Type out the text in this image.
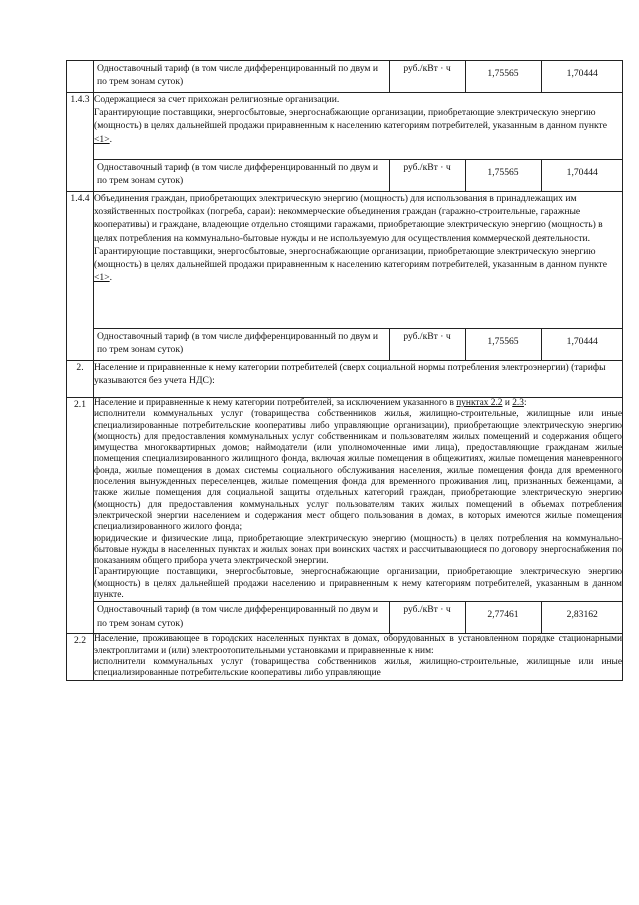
Одноставочный тариф (в том числе дифференцированный по двум и по трем зонам суток)	руб./кВт · ч	1,75565	1,70444

1.4.3	Содержащиеся за счет прихожан религиозные организации.
Гарантирующие поставщики, энергосбытовые, энергоснабжающие организации, приобретающие электрическую энергию (мощность) в целях дальнейшей продажи приравненным к населению категориям потребителей, указанным в данном пункте <1>.

Одноставочный тариф (в том числе дифференцированный по двум и по трем зонам суток)	руб./кВт · ч	1,75565	1,70444

1.4.4	Объединения граждан, приобретающих электрическую энергию (мощность) для использования в принадлежащих им хозяйственных постройках (погреба, сараи): некоммерческие объединения граждан (гаражно-строительные, гаражные кооперативы) и граждане, владеющие отдельно стоящими гаражами, приобретающие электрическую энергию (мощность) в целях потребления на коммунально-бытовые нужды и не используемую для осуществления коммерческой деятельности.
Гарантирующие поставщики, энергосбытовые, энергоснабжающие организации, приобретающие электрическую энергию (мощность) в целях дальнейшей продажи приравненным к населению категориям потребителей, указанным в данном пункте <1>.

Одноставочный тариф (в том числе дифференцированный по двум и по трем зонам суток)	руб./кВт · ч	1,75565	1,70444

2.	Население и приравненные к нему категории потребителей (сверх социальной нормы потребления электроэнергии) (тарифы указываются без учета НДС):
2.1	Население и приравненные к нему категории потребителей, за исключением указанного в пунктах 2.2 и 2.3:
исполнители коммунальных услуг (товарищества собственников жилья, жилищно-строительные, жилищные или иные специализированные потребительские кооперативы либо управляющие организации), приобретающие электрическую энергию (мощность) для предоставления коммунальных услуг собственникам и пользователям жилых помещений и содержания общего имущества многоквартирных домов; наймодатели (или уполномоченные ими лица), предоставляющие гражданам жилые помещения специализированного жилищного фонда, включая жилые помещения в общежитиях, жилые помещения маневренного фонда, жилые помещения в домах системы социального обслуживания населения, жилые помещения фонда для временного поселения вынужденных переселенцев, жилые помещения фонда для временного проживания лиц, признанных беженцами, а также жилые помещения для социальной защиты отдельных категорий граждан, приобретающие электрическую энергию (мощность) для предоставления коммунальных услуг пользователям таких жилых помещений в объемах потребления электрической энергии населением и содержания мест общего пользования в домах, в которых имеются жилые помещения специализированного жилого фонда;
юридические и физические лица, приобретающие электрическую энергию (мощность) в целях потребления на коммунально-бытовые нужды в населенных пунктах и жилых зонах при воинских частях и рассчитывающиеся по договору энергоснабжения по показаниям общего прибора учета электрической энергии.
Гарантирующие поставщики, энергосбытовые, энергоснабжающие организации, приобретающие электрическую энергию (мощность) в целях дальнейшей продажи населению и приравненным к нему категориям потребителей, указанным в данном пункте.

Одноставочный тариф (в том числе дифференцированный по двум и по трем зонам суток)	руб./кВт · ч	2,77461	2,83162

2.2	Население, проживающее в городских населенных пунктах в домах, оборудованных в установленном порядке стационарными электроплитами и (или) электроотопительными установками и приравненные к ним:
исполнители коммунальных услуг (товарищества собственников жилья, жилищно-строительные, жилищные или иные специализированные потребительские кооперативы либо управляющие
